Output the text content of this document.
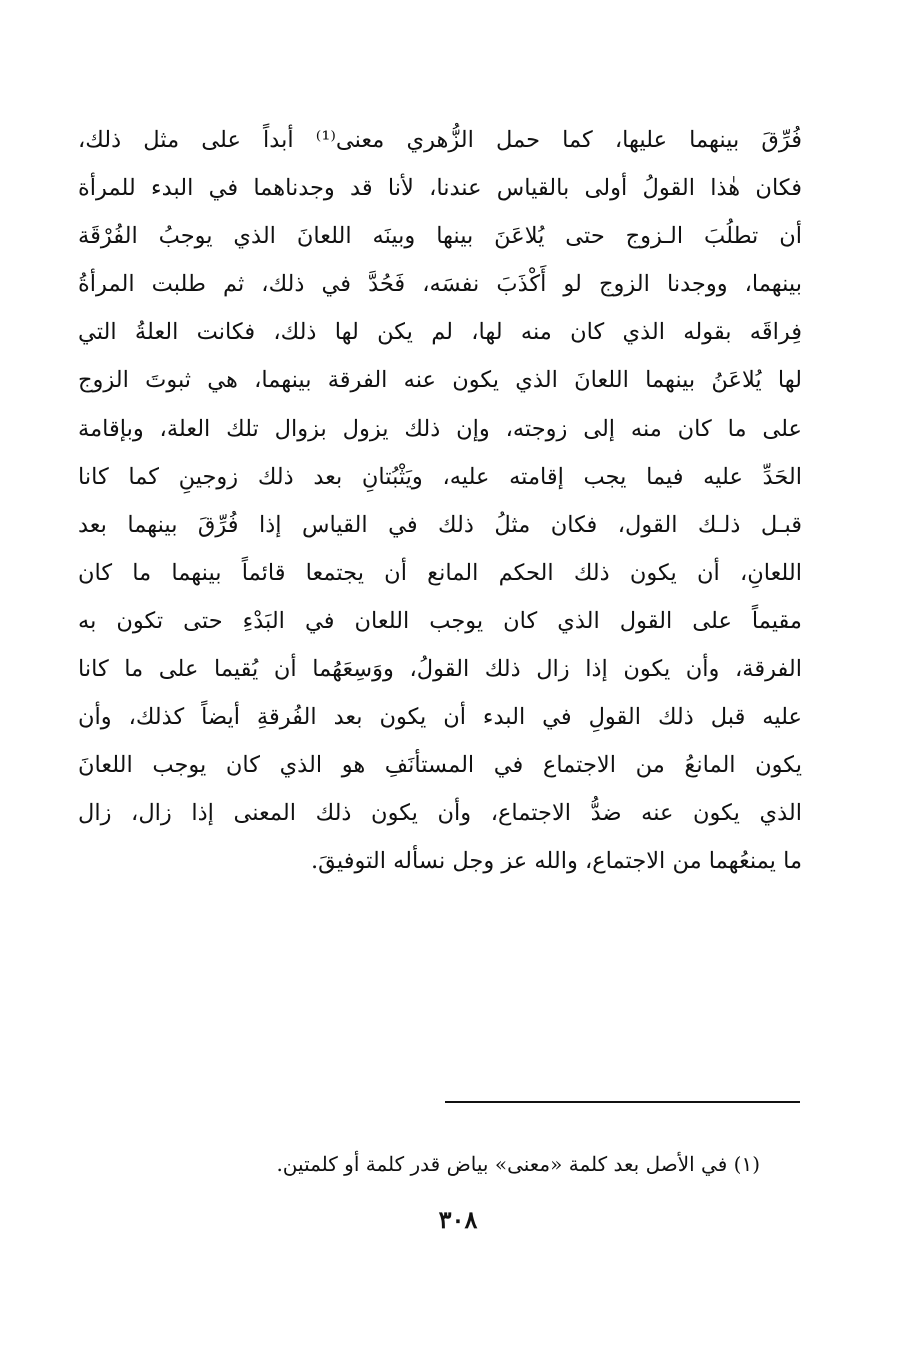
فُرِّقَ بينهما عليها، كما حمل الزُّهري معنى⁽¹⁾ أبداً على مثل ذلك،
فكان هٰذا القولُ أولى بالقياس عندنا، لأنا قد وجدناهما في البدء للمرأة
أن تطلُبَ الـزوج حتى يُلاعَنَ بينها وبينَه اللعانَ الذي يوجبُ الفُرْقَة
بينهما، ووجدنا الزوج لو أَكْذَبَ نفسَه، فَحُدَّ في ذلك، ثم طلبت المرأةُ
فِراقَه بقوله الذي كان منه لها، لم يكن لها ذلك، فكانت العلةُ التي
لها يُلاعَنُ بينهما اللعانَ الذي يكون عنه الفرقة بينهما، هي ثبوتَ الزوج
على ما كان منه إلى زوجته، وإن ذلك يزول بزوال تلك العلة، وبإقامة
الحَدِّ عليه فيما يجب إقامته عليه، ويَثْبُتانِ بعد ذلك زوجينِ كما كانا
قبـل ذلـك القول، فكان مثلُ ذلك في القياس إذا فُرِّقَ بينهما بعد
اللعانِ، أن يكون ذلك الحكم المانع أن يجتمعا قائماً بينهما ما كان
مقيماً على القول الذي كان يوجب اللعان في البَدْءِ حتى تكون به
الفرقة، وأن يكون إذا زال ذلك القولُ، ووَسِعَهُما أن يُقيما على ما كانا
عليه قبل ذلك القولِ في البدء أن يكون بعد الفُرقةِ أيضاً كذلك، وأن
يكون المانعُ من الاجتماع في المستأنَفِ هو الذي كان يوجب اللعانَ
الذي يكون عنه ضدُّ الاجتماع، وأن يكون ذلك المعنى إذا زال، زال
ما يمنعُهما من الاجتماع، والله عز وجل نسأله التوفيقَ.
(١) في الأصل بعد كلمة «معنى» بياض قدر كلمة أو كلمتين.
٣٠٨
